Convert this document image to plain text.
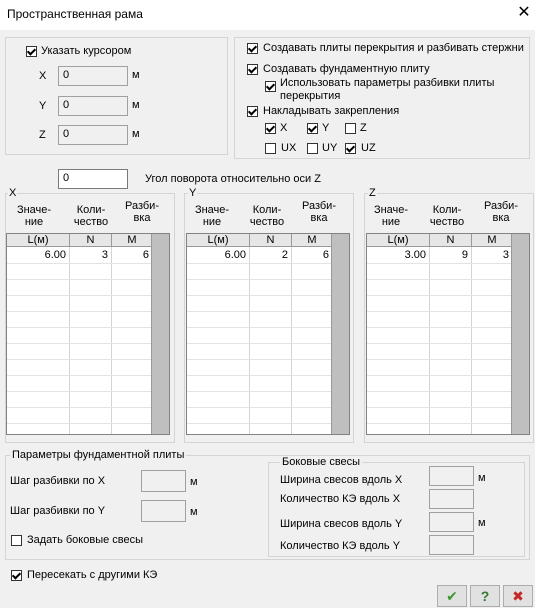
Пространственная рама	✕
Указать курсором
X	0	м
Y	0	м
Z	0	м
Создавать плиты перекрытия и разбивать стержни
Создавать фундаментную плиту
Использовать параметры разбивки плиты
перекрытия
Накладывать закрепления
X	Y	Z
UX UY UZ
0	Угол поворота относительно оси Z
X
Значе-
ние
Коли-
чество
Разби-
вка
L(м)	N	M
6.00	3	6
Y
Значе-
ние
Коли-
чество
Разби-
вка
L(м)	N	M
6.00	2	6
Z
Значе-
ние
Коли-
чество
Разби-
вка
L(м)	N	M
3.00	9	3
Параметры фундаментной плиты
Шаг разбивки по X	м
Шаг разбивки по Y	м
Задать боковые свесы
Боковые свесы
Ширина свесов вдоль X	м
Количество КЭ вдоль X
Ширина свесов вдоль Y	м
Количество КЭ вдоль Y
Пересекать с другими КЭ
✔	?	✖
